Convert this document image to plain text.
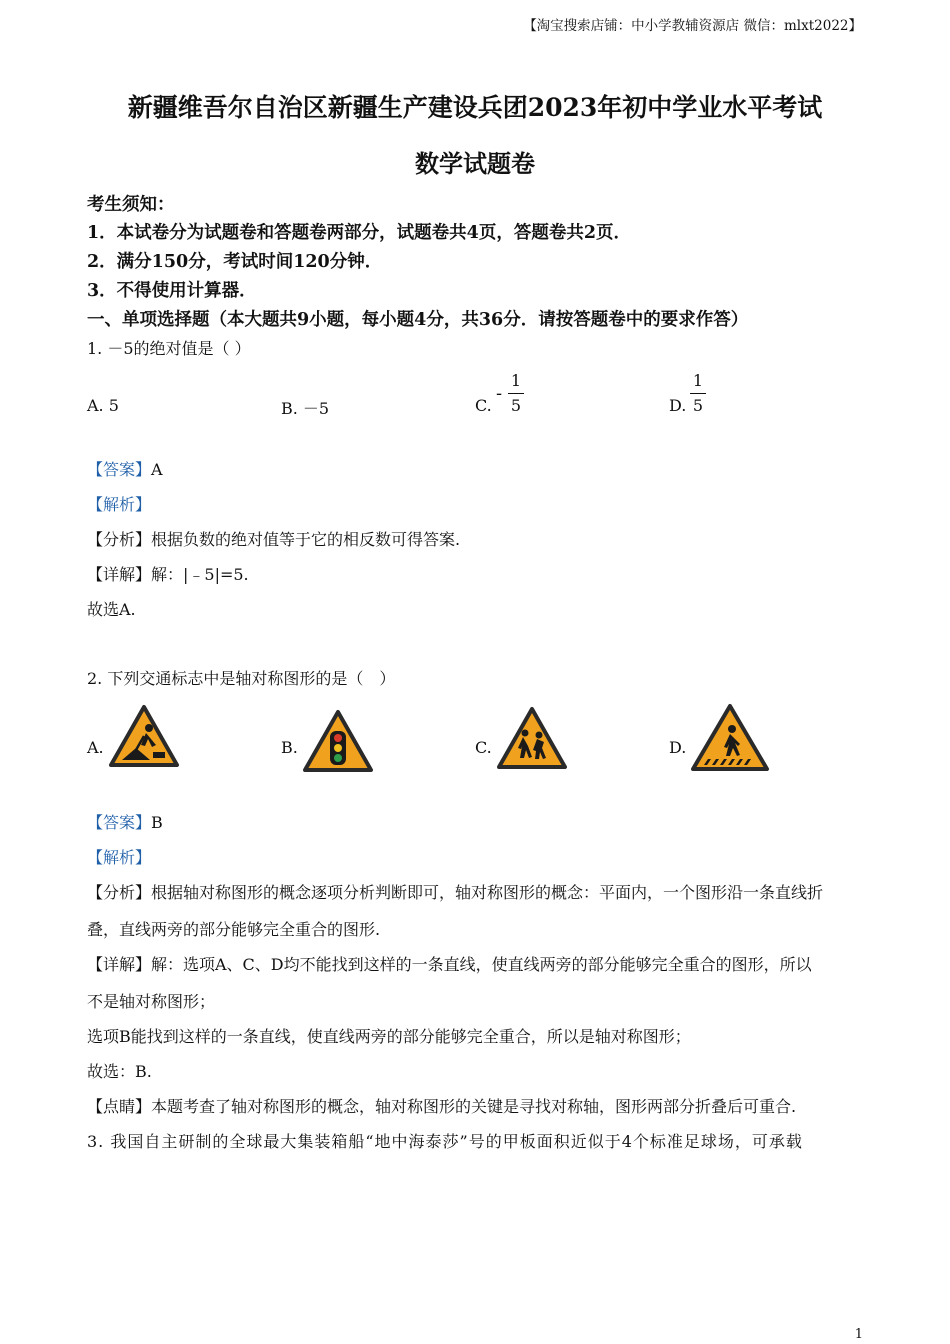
【淘宝搜索店铺：中小学教辅资源店 微信：mlxt2022】
新疆维吾尔自治区新疆生产建设兵团2023年初中学业水平考试
数学试题卷
考生须知：
1．本试卷分为试题卷和答题卷两部分，试题卷共4页，答题卷共2页．
2．满分150分，考试时间120分钟．
3．不得使用计算器．
一、单项选择题（本大题共9小题，每小题4分，共36分．请按答题卷中的要求作答）
1. －5的绝对值是（ ）
A. 5	B. －5	C.
-
1
5	D.
1
5
【答案】A
【解析】
【分析】根据负数的绝对值等于它的相反数可得答案.
【详解】解：|﹣5|=5.
故选A.
2. 下列交通标志中是轴对称图形的是（　）
A.	B.	C.	D.
【答案】B
【解析】
【分析】根据轴对称图形的概念逐项分析判断即可，轴对称图形的概念：平面内，一个图形沿一条直线折
叠，直线两旁的部分能够完全重合的图形.
【详解】解：选项A、C、D均不能找到这样的一条直线，使直线两旁的部分能够完全重合的图形，所以
不是轴对称图形；
选项B能找到这样的一条直线，使直线两旁的部分能够完全重合，所以是轴对称图形；
故选：B.
【点睛】本题考查了轴对称图形的概念，轴对称图形的关键是寻找对称轴，图形两部分折叠后可重合.
3. 我国自主研制的全球最大集装箱船“地中海泰莎”号的甲板面积近似于4个标准足球场，可承载
1
